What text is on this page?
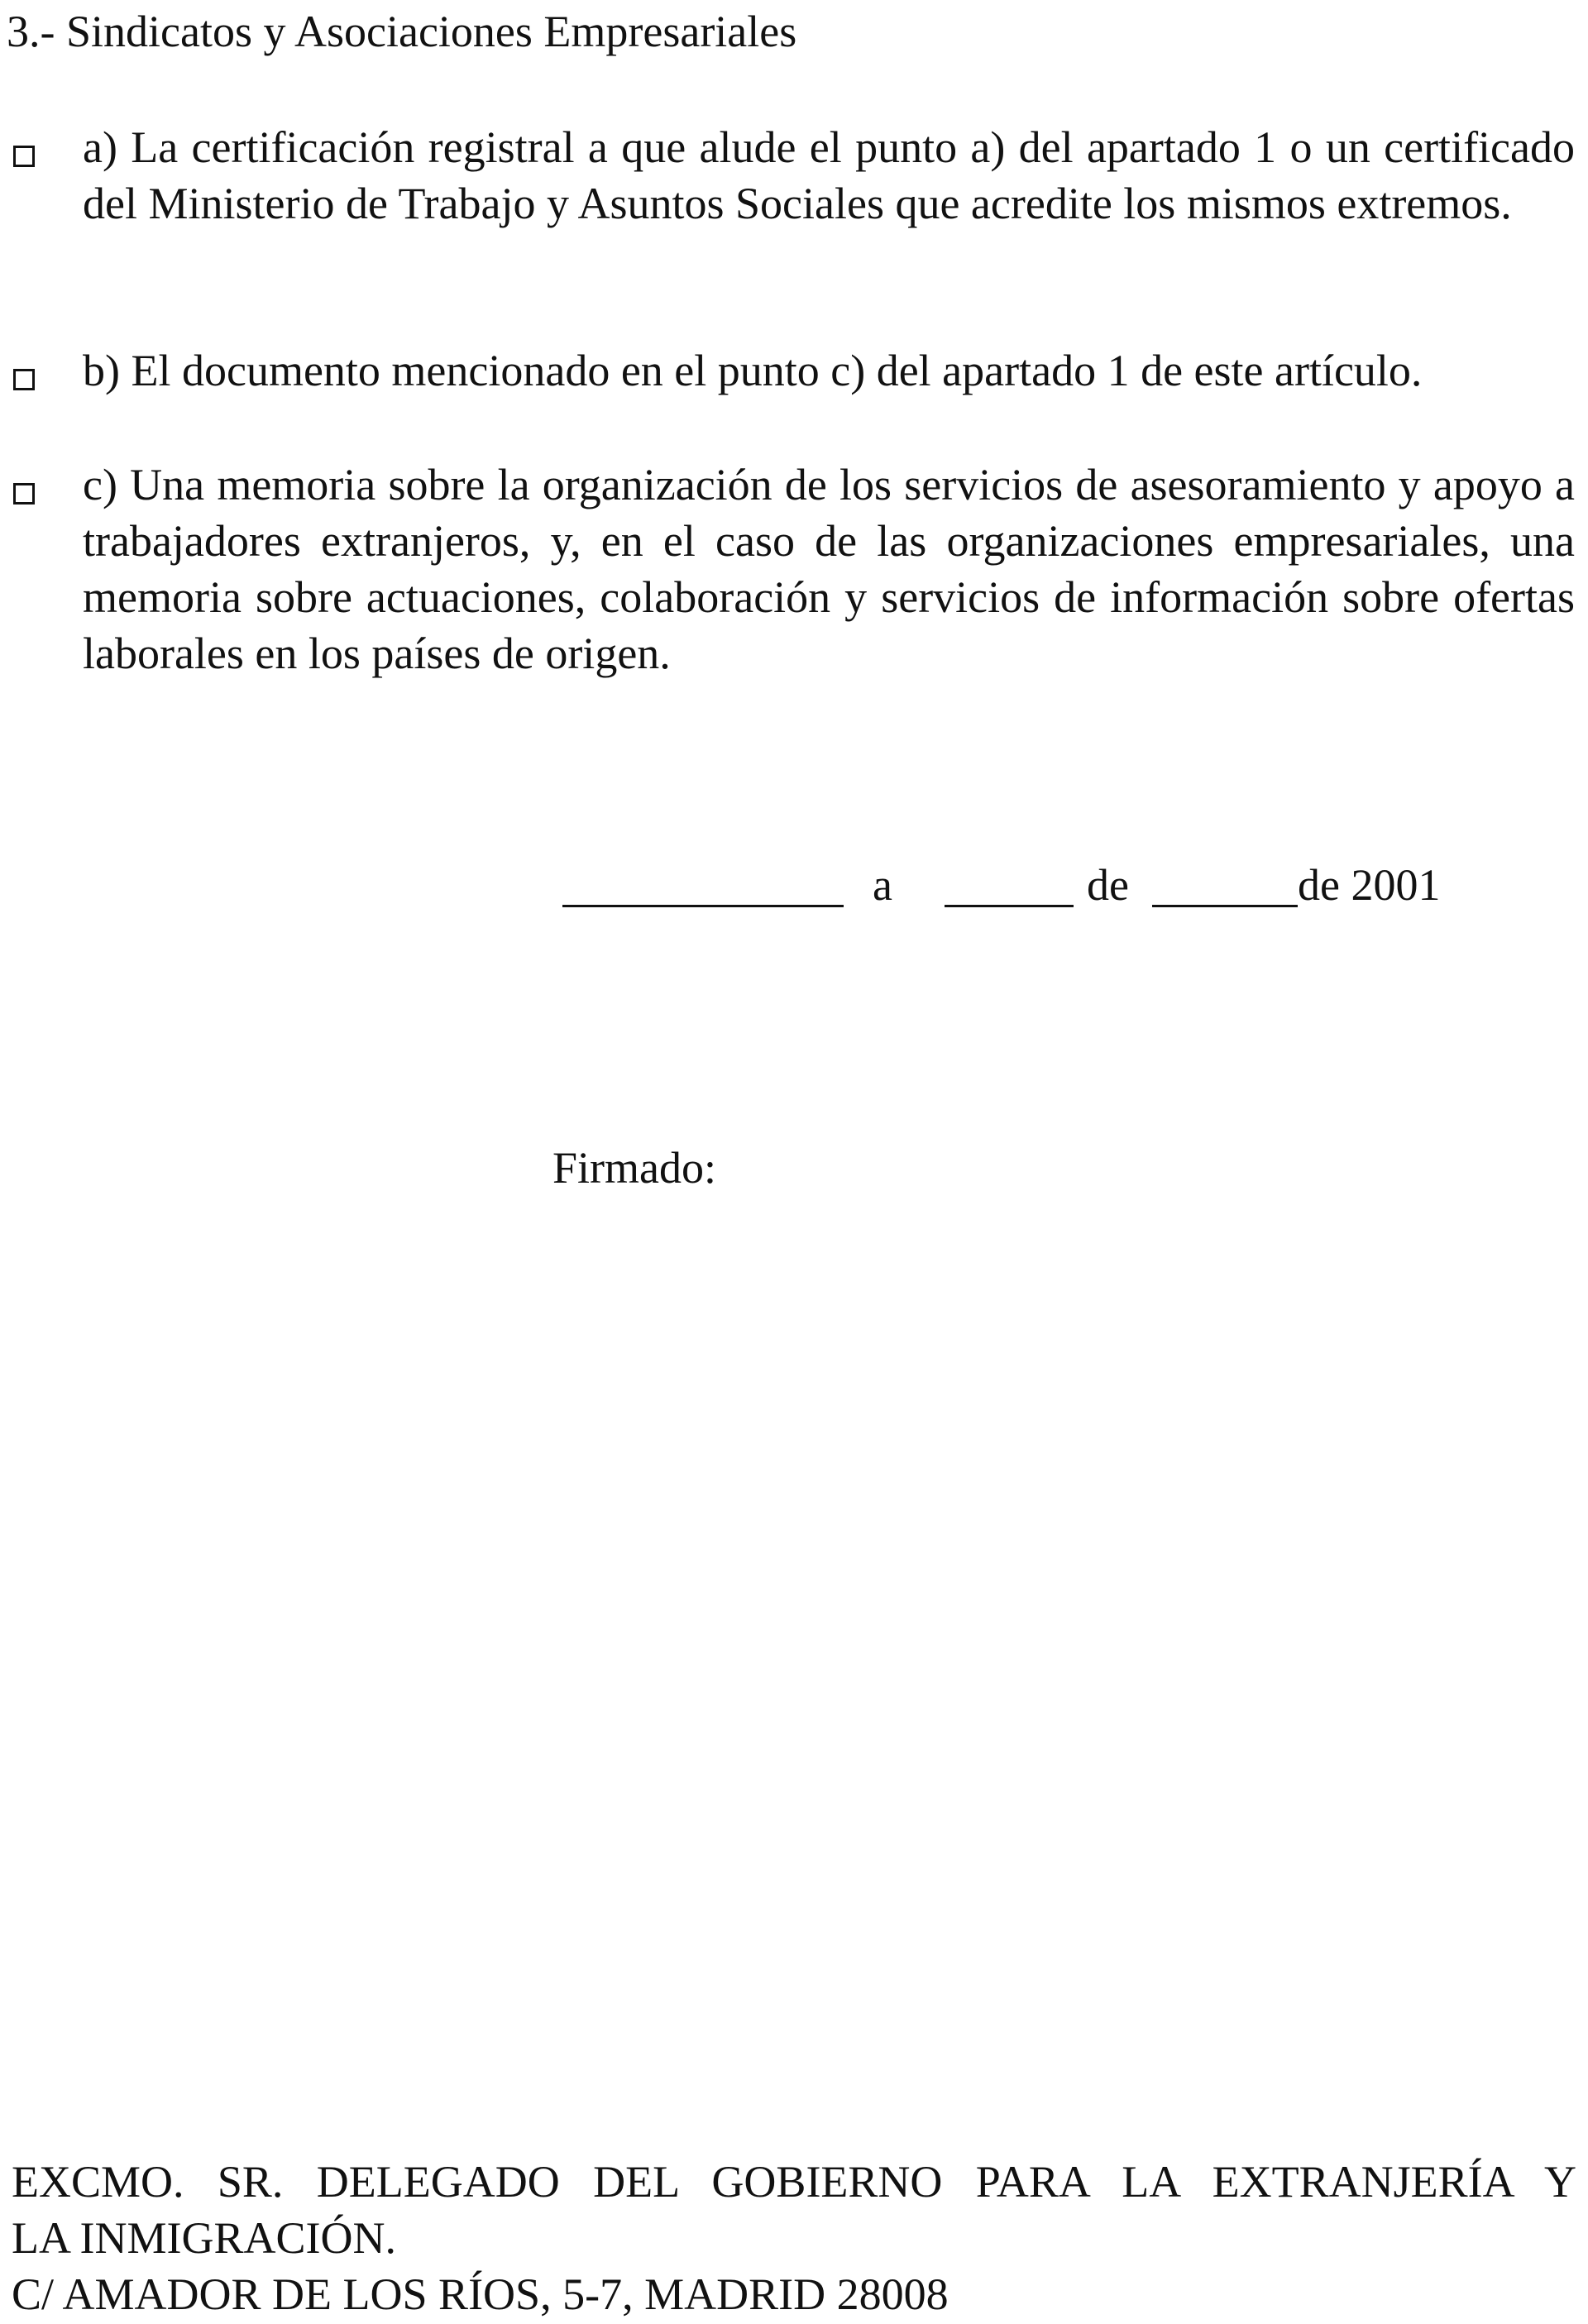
3.- Sindicatos y Asociaciones Empresariales
a) La certificación registral a que alude el punto a) del apartado 1 o un certificado del Ministerio de Trabajo y Asuntos Sociales que acredite los mismos extremos.
b) El documento mencionado en el punto c) del apartado 1 de este artículo.
c) Una memoria sobre la organización de los servicios de asesoramiento y apoyo a trabajadores extranjeros, y, en el caso de las organizaciones empresariales, una memoria sobre actuaciones, colaboración y servicios de información sobre ofertas laborales en los países de origen.
a	de	de 2001
Firmado:
EXCMO. SR. DELEGADO DEL GOBIERNO PARA LA EXTRANJERÍA Y
LA INMIGRACIÓN.
C/ AMADOR DE LOS RÍOS, 5-7, MADRID 28008
